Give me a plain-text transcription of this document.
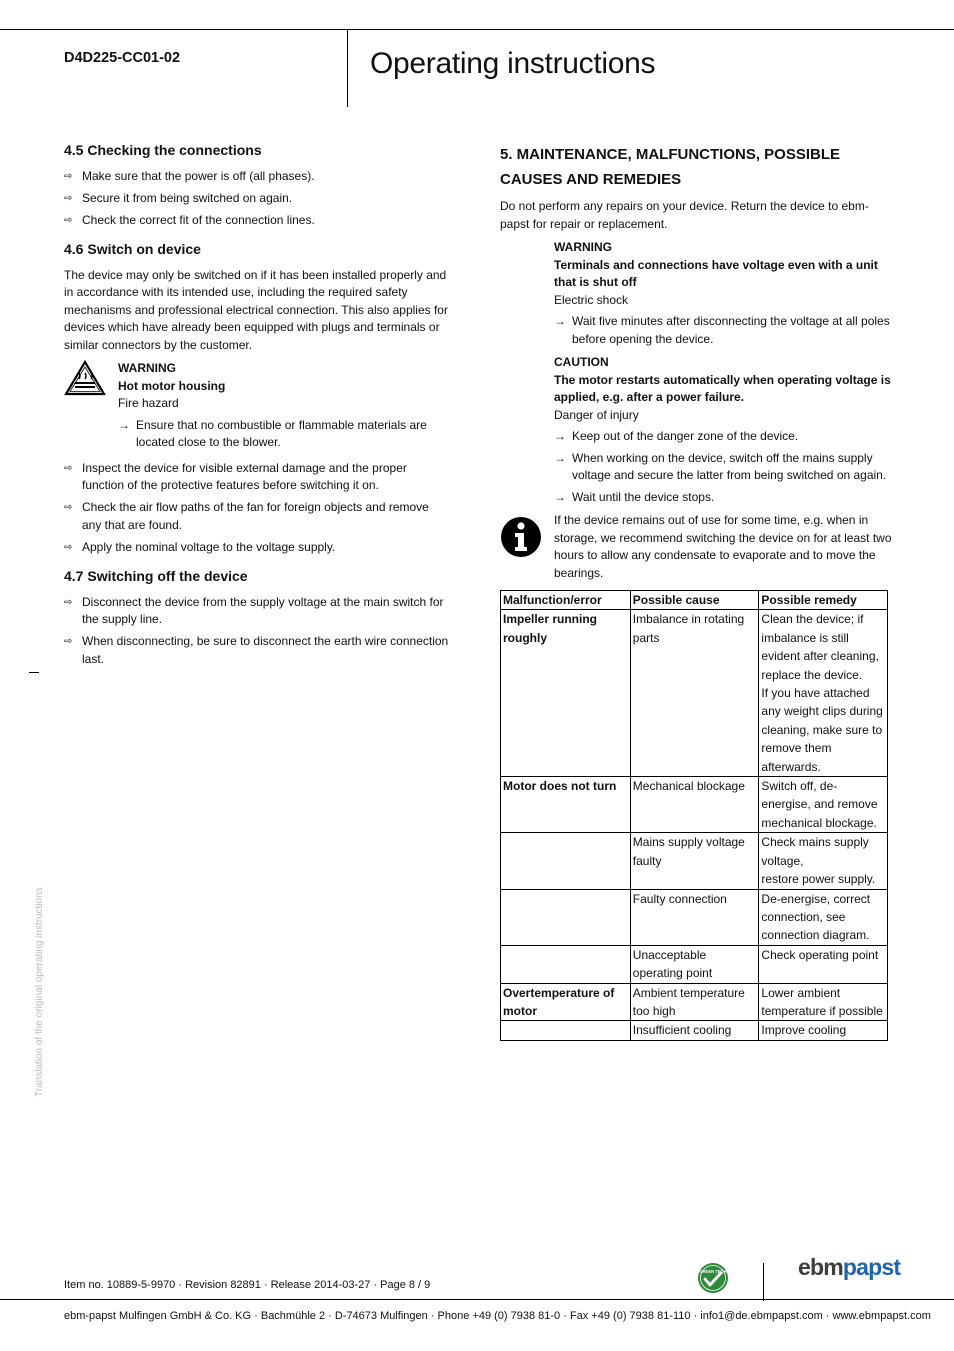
D4D225-CC01-02	Operating instructions
4.5 Checking the connections
⇨ Make sure that the power is off (all phases).
⇨ Secure it from being switched on again.
⇨ Check the correct fit of the connection lines.
4.6 Switch on device

The device may only be switched on if it has been installed properly and in accordance with its intended use, including the required safety mechanisms and professional electrical connection. This also applies for devices which have already been equipped with plugs and terminals or similar connectors by the customer.

WARNING
Hot motor housing
Fire hazard
→ Ensure that no combustible or flammable materials are located close to the blower.
⇨ Inspect the device for visible external damage and the proper function of the protective features before switching it on.
⇨ Check the air flow paths of the fan for foreign objects and remove any that are found.
⇨ Apply the nominal voltage to the voltage supply.
4.7 Switching off the device
⇨ Disconnect the device from the supply voltage at the main switch for the supply line.
⇨ When disconnecting, be sure to disconnect the earth wire connection last.
5. MAINTENANCE, MALFUNCTIONS, POSSIBLE CAUSES AND REMEDIES

Do not perform any repairs on your device. Return the device to ebm-papst for repair or replacement.

WARNING
Terminals and connections have voltage even with a unit that is shut off
Electric shock
→ Wait five minutes after disconnecting the voltage at all poles before opening the device.
CAUTION
The motor restarts automatically when operating voltage is applied, e.g. after a power failure.
Danger of injury
→ Keep out of the danger zone of the device.
→ When working on the device, switch off the mains supply voltage and secure the latter from being switched on again.
→ Wait until the device stops.
If the device remains out of use for some time, e.g. when in storage, we recommend switching the device on for at least two hours to allow any condensate to evaporate and to move the bearings.
Malfunction/error	Possible cause	Possible remedy
Impeller running roughly	Imbalance in rotating parts	Clean the device; if imbalance is still evident after cleaning, replace the device.
If you have attached any weight clips during cleaning, make sure to remove them afterwards.

Motor does not turn	Mechanical blockage	Switch off, de-energise, and remove mechanical blockage.
	Mains supply voltage faulty	Check mains supply voltage,
restore power supply.

	Faulty connection	De-energise, correct connection, see connection diagram.
	Unacceptable operating point	Check operating point
Overtemperature of motor	Ambient temperature too high	Lower ambient temperature if possible
	Insufficient cooling	Improve cooling
Translation of the original operating instructions
Item no. 10889-5-9970 · Revision 82891 · Release 2014-03-27 · Page 8 / 9
GREEN TECH	ebmpapst
ebm-papst Mulfingen GmbH & Co. KG · Bachmühle 2 · D-74673 Mulfingen · Phone +49 (0) 7938 81-0 · Fax +49 (0) 7938 81-110 · info1@de.ebmpapst.com · www.ebmpapst.com
